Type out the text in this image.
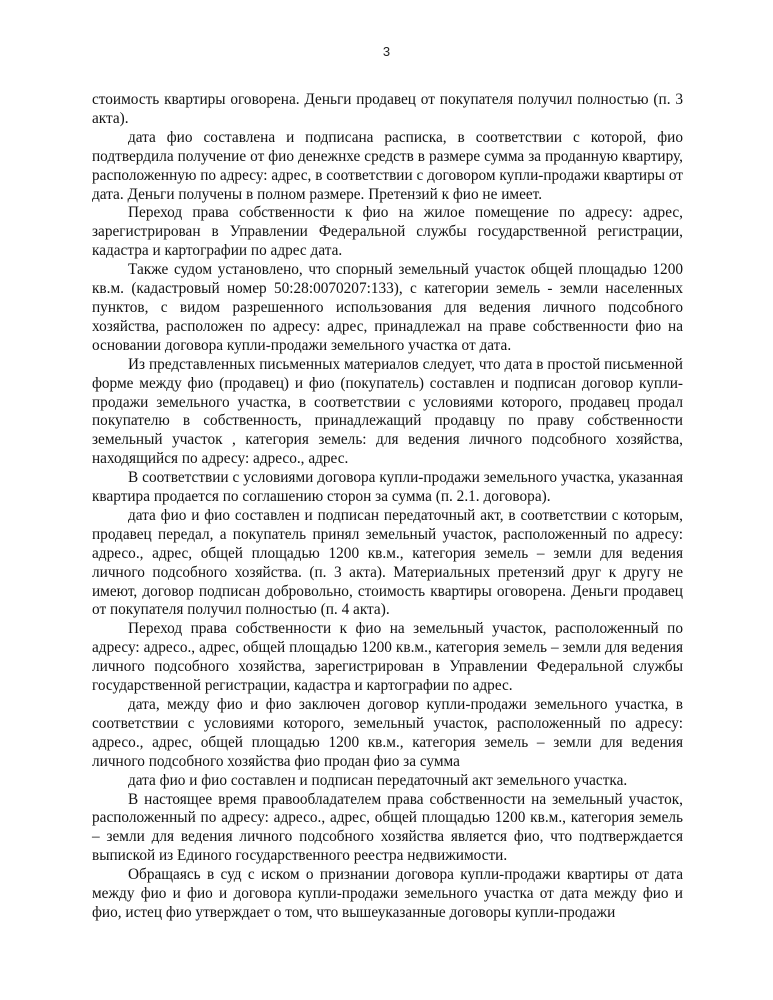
3

стоимость квартиры оговорена. Деньги продавец от покупателя получил полностью (п. 3 акта).

дата фио составлена и подписана расписка, в соответствии с которой, фио подтвердила получение от фио денежнхе средств в размере сумма за проданную квартиру, расположенную по адресу: адрес, в соответствии с договором купли-продажи квартиры от дата. Деньги получены в полном размере. Претензий к фио не имеет.

Переход права собственности к фио на жилое помещение по адресу: адрес, зарегистрирован в Управлении Федеральной службы государственной регистрации, кадастра и картографии по адрес дата.

Также судом установлено, что спорный земельный участок общей площадью 1200 кв.м. (кадастровый номер 50:28:0070207:133), с категории земель - земли населенных пунктов, с видом разрешенного использования для ведения личного подсобного хозяйства, расположен по адресу: адрес, принадлежал на праве собственности фио на основании договора купли-продажи земельного участка от дата.

Из представленных письменных материалов следует, что дата в простой письменной форме между фио (продавец) и фио (покупатель) составлен и подписан договор купли-продажи земельного участка, в соответствии с условиями которого, продавец продал покупателю в собственность, принадлежащий продавцу по праву собственности земельный участок , категория земель: для ведения личного подсобного хозяйства, находящийся по адресу: адресо., адрес.

В соответствии с условиями договора купли-продажи земельного участка, указанная квартира продается по соглашению сторон за сумма (п. 2.1. договора).

дата фио и фио составлен и подписан передаточный акт, в соответствии с которым, продавец передал, а покупатель принял земельный участок, расположенный по адресу: адресо., адрес, общей площадью 1200 кв.м., категория земель – земли для ведения личного подсобного хозяйства. (п. 3 акта). Материальных претензий друг к другу не имеют, договор подписан добровольно, стоимость квартиры оговорена. Деньги продавец от покупателя получил полностью (п. 4 акта).

Переход права собственности к фио на земельный участок, расположенный по адресу: адресо., адрес, общей площадью 1200 кв.м., категория земель – земли для ведения личного подсобного хозяйства, зарегистрирован в Управлении Федеральной службы государственной регистрации, кадастра и картографии по адрес.

дата, между фио и фио заключен договор купли-продажи земельного участка, в соответствии с условиями которого, земельный участок, расположенный по адресу: адресо., адрес, общей площадью 1200 кв.м., категория земель – земли для ведения личного подсобного хозяйства фио продан фио за сумма

дата фио и фио составлен и подписан передаточный акт земельного участка.

В настоящее время правообладателем права собственности на земельный участок, расположенный по адресу: адресо., адрес, общей площадью 1200 кв.м., категория земель – земли для ведения личного подсобного хозяйства является фио, что подтверждается выпиской из Единого государственного реестра недвижимости.

Обращаясь в суд с иском о признании договора купли-продажи квартиры от дата между фио и фио и договора купли-продажи земельного участка от дата между фио и фио, истец фио утверждает о том, что вышеуказанные договоры купли-продажи
